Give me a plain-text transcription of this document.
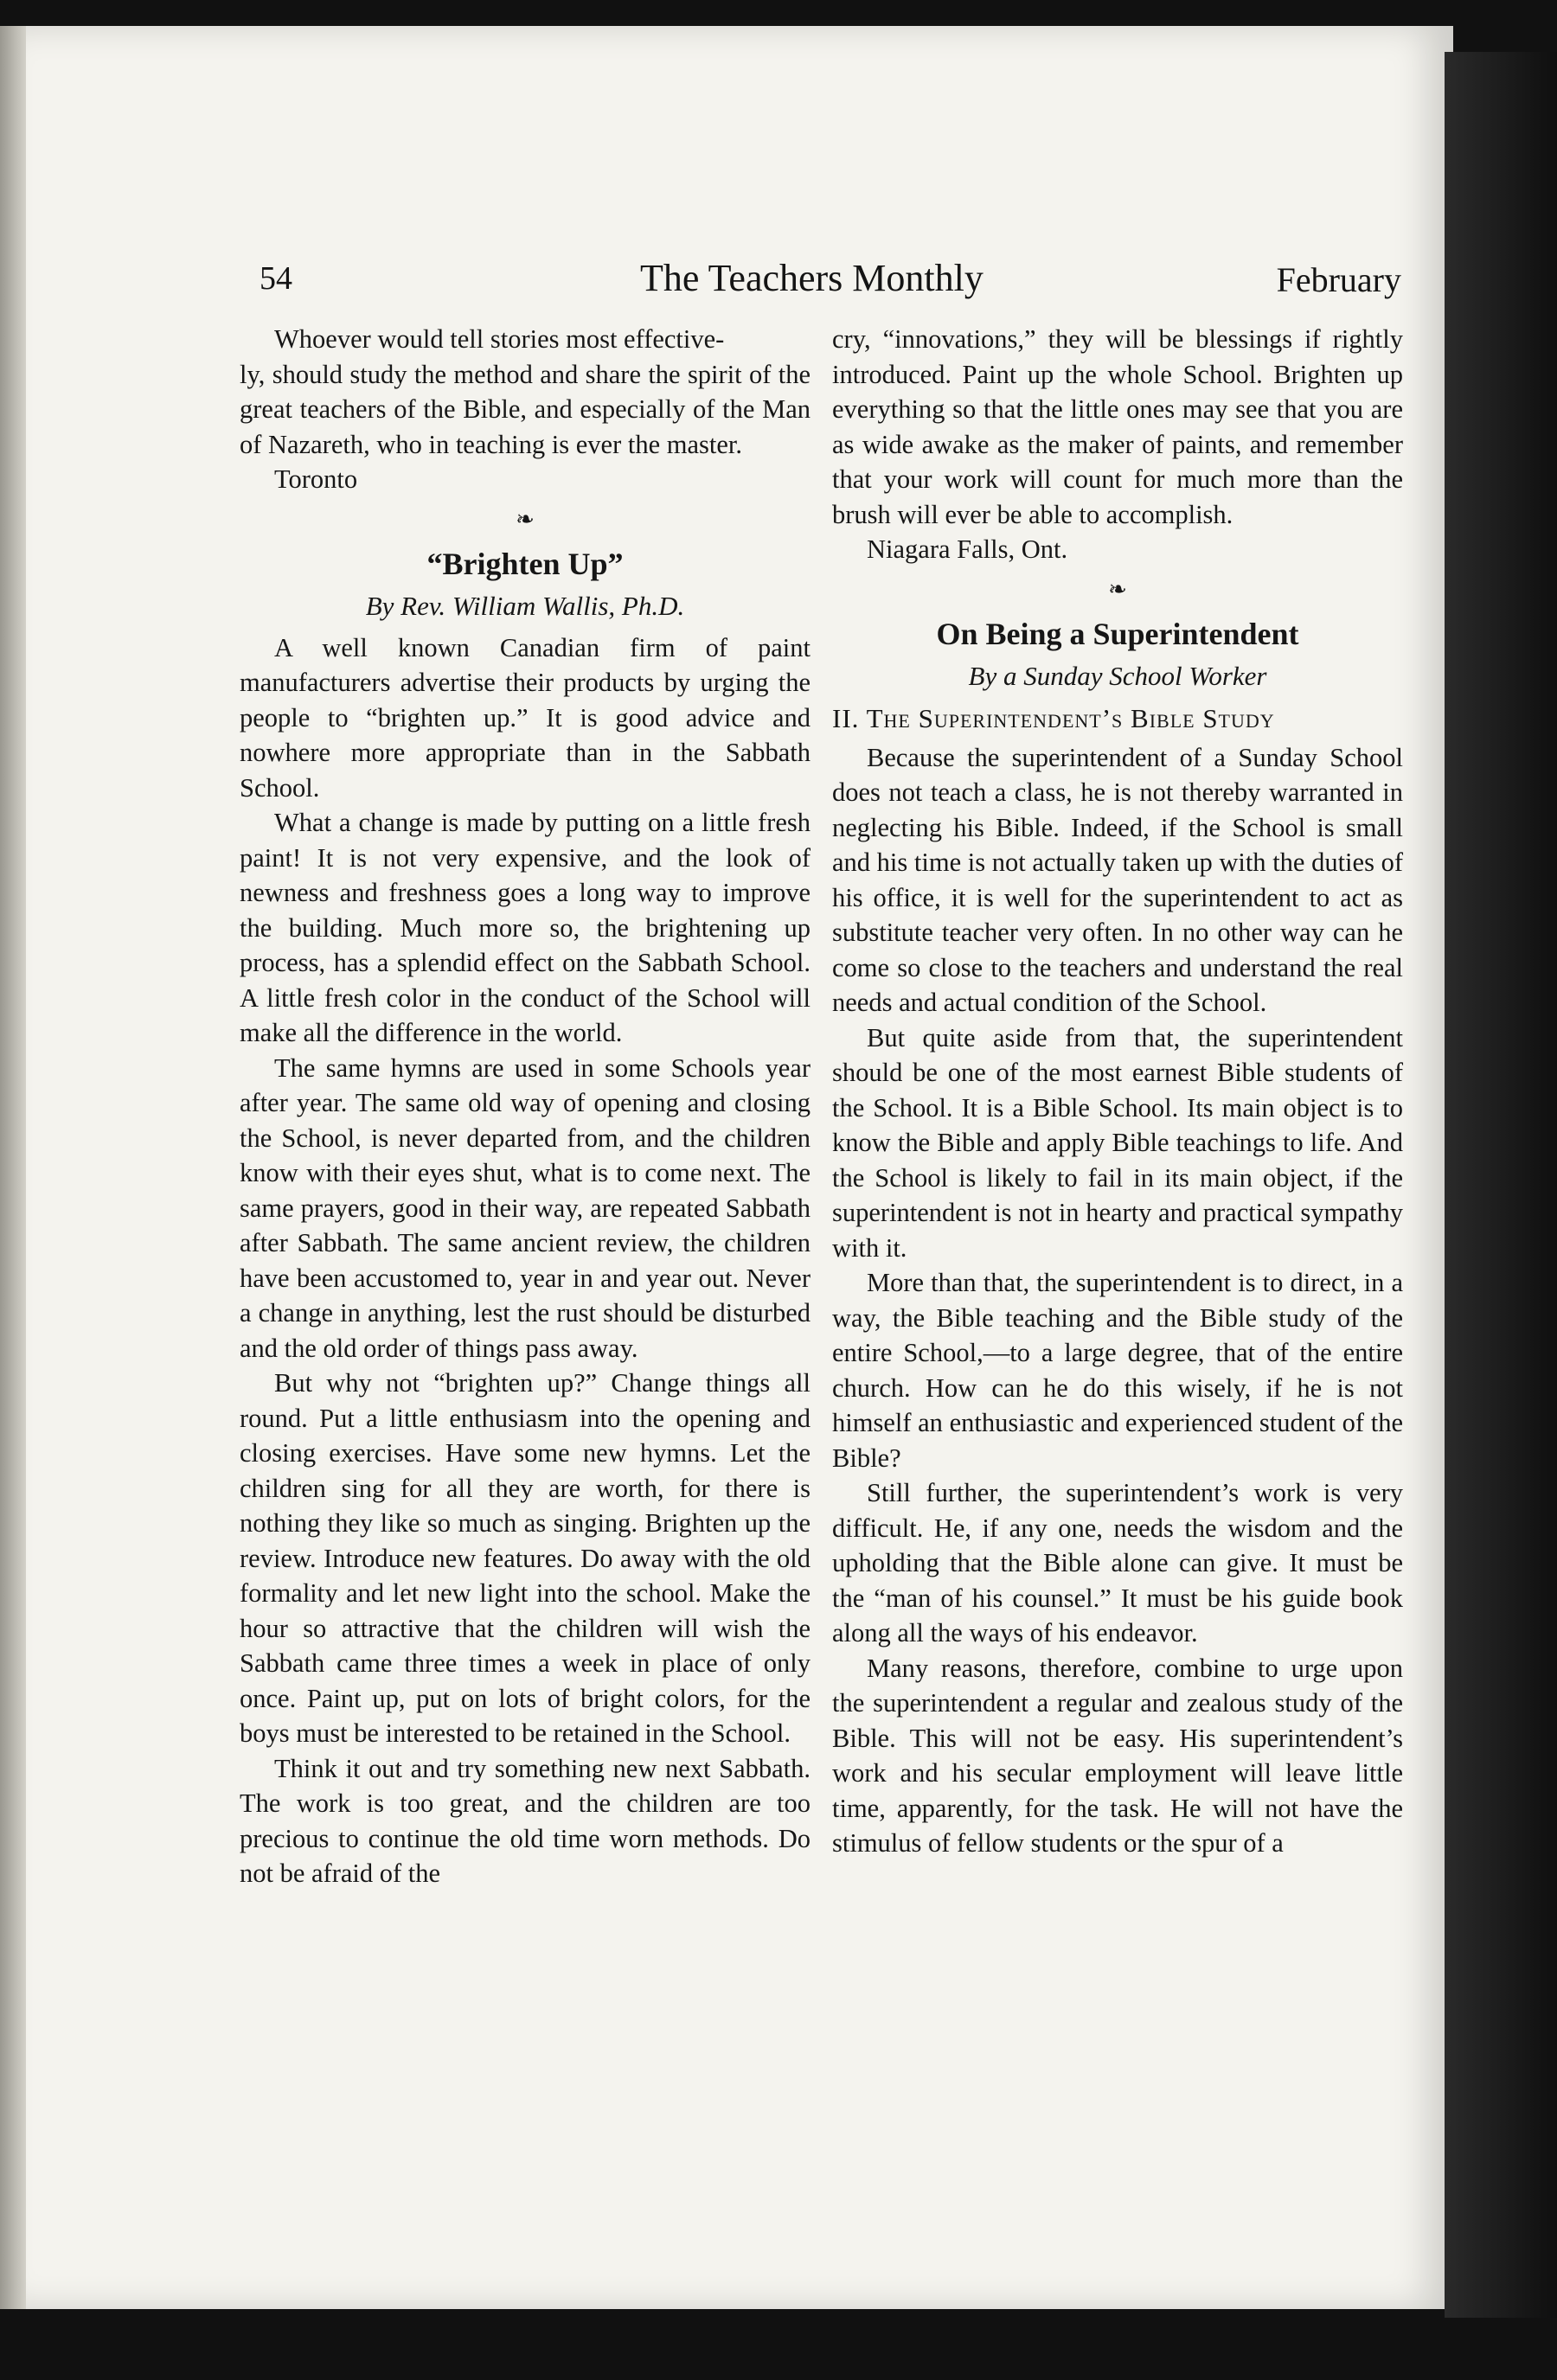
54	The Teachers Monthly	February

Whoever would tell stories most effective-

ly, should study the method and share the spirit of the great teachers of the Bible, and especially of the Man of Nazareth, who in teaching is ever the master.

Toronto

❧
“Brighten Up”
By Rev. William Wallis, Ph.D.

A well known Canadian firm of paint manufacturers advertise their products by urging the people to “brighten up.” It is good advice and nowhere more appropriate than in the Sabbath School.

What a change is made by putting on a little fresh paint! It is not very expensive, and the look of newness and freshness goes a long way to improve the building. Much more so, the brightening up process, has a splendid effect on the Sabbath School. A little fresh color in the conduct of the School will make all the difference in the world.

The same hymns are used in some Schools year after year. The same old way of opening and closing the School, is never departed from, and the children know with their eyes shut, what is to come next. The same prayers, good in their way, are repeated Sabbath after Sabbath. The same ancient review, the children have been accustomed to, year in and year out. Never a change in anything, lest the rust should be disturbed and the old order of things pass away.

But why not “brighten up?” Change things all round. Put a little enthusiasm into the opening and closing exercises. Have some new hymns. Let the children sing for all they are worth, for there is nothing they like so much as singing. Brighten up the review. Introduce new features. Do away with the old formality and let new light into the school. Make the hour so attractive that the children will wish the Sabbath came three times a week in place of only once. Paint up, put on lots of bright colors, for the boys must be interested to be retained in the School.

Think it out and try something new next Sabbath. The work is too great, and the children are too precious to continue the old time worn methods. Do not be afraid of the

cry, “innovations,” they will be blessings if rightly introduced. Paint up the whole School. Brighten up everything so that the little ones may see that you are as wide awake as the maker of paints, and remember that your work will count for much more than the brush will ever be able to accomplish.

Niagara Falls, Ont.

❧
On Being a Superintendent
By a Sunday School Worker
II. The Superintendent’s Bible Study

Because the superintendent of a Sunday School does not teach a class, he is not thereby warranted in neglecting his Bible. Indeed, if the School is small and his time is not actually taken up with the duties of his office, it is well for the superintendent to act as substitute teacher very often. In no other way can he come so close to the teachers and understand the real needs and actual condition of the School.

But quite aside from that, the superintendent should be one of the most earnest Bible students of the School. It is a Bible School. Its main object is to know the Bible and apply Bible teachings to life. And the School is likely to fail in its main object, if the superintendent is not in hearty and practical sympathy with it.

More than that, the superintendent is to direct, in a way, the Bible teaching and the Bible study of the entire School,—to a large degree, that of the entire church. How can he do this wisely, if he is not himself an enthusiastic and experienced student of the Bible?

Still further, the superintendent’s work is very difficult. He, if any one, needs the wisdom and the upholding that the Bible alone can give. It must be the “man of his counsel.” It must be his guide book along all the ways of his endeavor.

Many reasons, therefore, combine to urge upon the superintendent a regular and zealous study of the Bible. This will not be easy. His superintendent’s work and his secular employment will leave little time, apparently, for the task. He will not have the stimulus of fellow students or the spur of a
